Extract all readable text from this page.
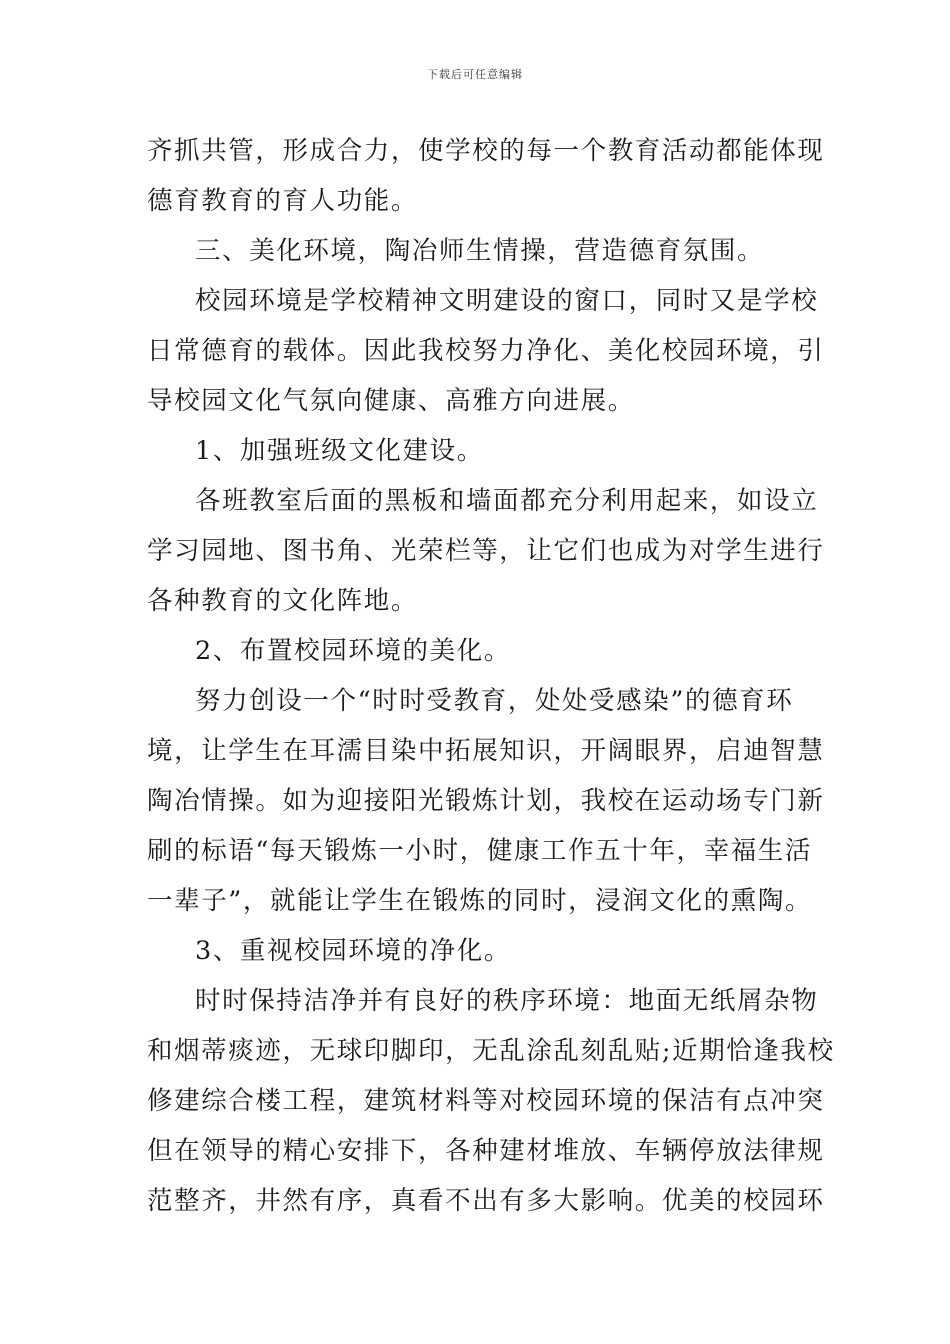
下载后可任意编辑
齐抓共管，形成合力，使学校的每一个教育活动都能体现
德育教育的育人功能。
三、美化环境，陶冶师生情操，营造德育氛围。
校园环境是学校精神文明建设的窗口，同时又是学校
日常德育的载体。因此我校努力净化、美化校园环境，引
导校园文化气氛向健康、高雅方向进展。
1、加强班级文化建设。
各班教室后面的黑板和墙面都充分利用起来，如设立
学习园地、图书角、光荣栏等，让它们也成为对学生进行
各种教育的文化阵地。
2、布置校园环境的美化。
努力创设一个“时时受教育，处处受感染”的德育环
境，让学生在耳濡目染中拓展知识，开阔眼界，启迪智慧
陶冶情操。如为迎接阳光锻炼计划，我校在运动场专门新
刷的标语“每天锻炼一小时，健康工作五十年，幸福生活
一辈子”，就能让学生在锻炼的同时，浸润文化的熏陶。
3、重视校园环境的净化。
时时保持洁净并有良好的秩序环境：地面无纸屑杂物
和烟蒂痰迹，无球印脚印，无乱涂乱刻乱贴;近期恰逢我校
修建综合楼工程，建筑材料等对校园环境的保洁有点冲突
但在领导的精心安排下，各种建材堆放、车辆停放法律规
范整齐，井然有序，真看不出有多大影响。优美的校园环
